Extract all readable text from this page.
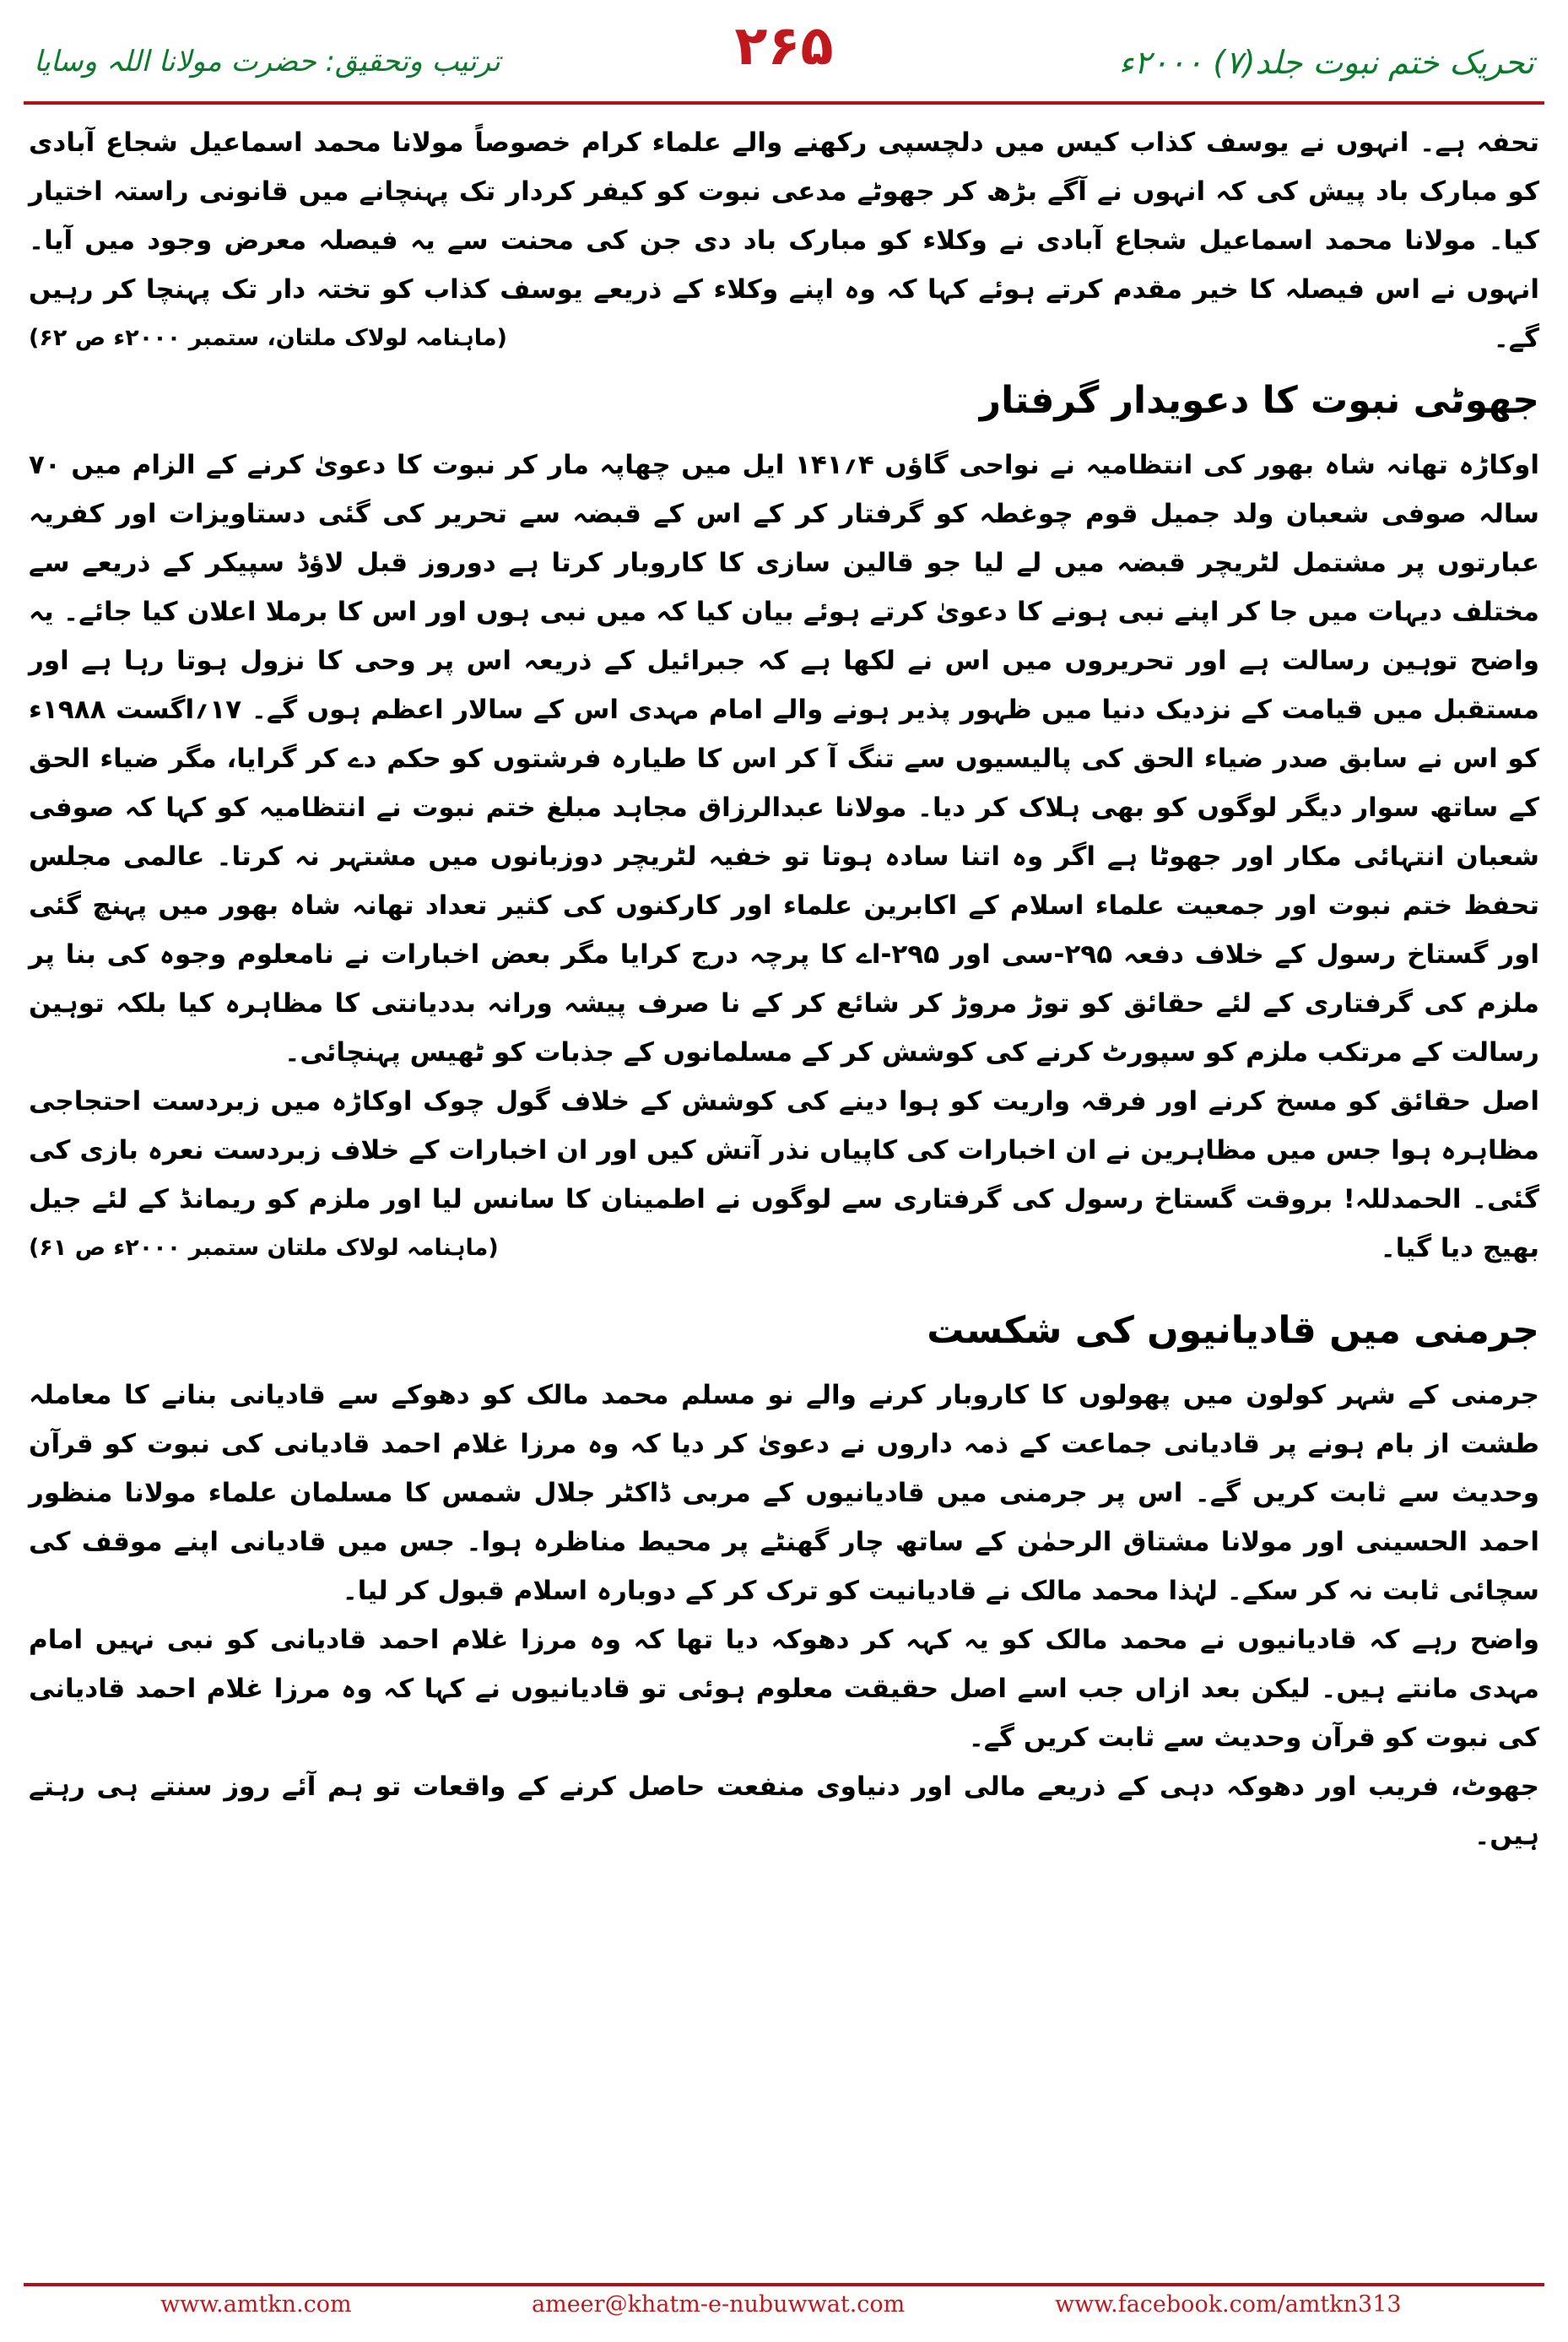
تحریک ختم نبوت جلد(۷) ۲۰۰۰ء
۲۶۵
ترتیب وتحقیق: حضرت مولانا اللہ وسایا

تحفہ ہے۔ انہوں نے یوسف کذاب کیس میں دلچسپی رکھنے والے علماء کرام خصوصاً مولانا محمد اسماعیل شجاع آبادی کو مبارک باد پیش کی کہ انہوں نے آگے بڑھ کر جھوٹے مدعی نبوت کو کیفر کردار تک پہنچانے میں قانونی راستہ اختیار کیا۔ مولانا محمد اسماعیل شجاع آبادی نے وکلاء کو مبارک باد دی جن کی محنت سے یہ فیصلہ معرض وجود میں آیا۔ انہوں نے اس فیصلہ کا خیر مقدم کرتے ہوئے کہا کہ وہ اپنے وکلاء کے ذریعے یوسف کذاب کو تختہ دار تک پہنچا کر رہیں گے۔
(ماہنامہ لولاک ملتان، ستمبر ۲۰۰۰ء ص ۶۲)

جھوٹی نبوت کا دعویدار گرفتار

اوکاڑہ تھانہ شاہ بھور کی انتظامیہ نے نواحی گاؤں ۴؍۱۴۱ ایل میں چھاپہ مار کر نبوت کا دعویٰ کرنے کے الزام میں ۷۰ سالہ صوفی شعبان ولد جمیل قوم چوغطہ کو گرفتار کر کے اس کے قبضہ سے تحریر کی گئی دستاویزات اور کفریہ عبارتوں پر مشتمل لٹریچر قبضہ میں لے لیا جو قالین سازی کا کاروبار کرتا ہے دوروز قبل لاؤڈ سپیکر کے ذریعے سے مختلف دیہات میں جا کر اپنے نبی ہونے کا دعویٰ کرتے ہوئے بیان کیا کہ میں نبی ہوں اور اس کا برملا اعلان کیا جائے۔ یہ واضح توہین رسالت ہے اور تحریروں میں اس نے لکھا ہے کہ جبرائیل کے ذریعہ اس پر وحی کا نزول ہوتا رہا ہے اور مستقبل میں قیامت کے نزدیک دنیا میں ظہور پذیر ہونے والے امام مہدی اس کے سالار اعظم ہوں گے۔ ۱۷؍اگست ۱۹۸۸ء کو اس نے سابق صدر ضیاء الحق کی پالیسیوں سے تنگ آ کر اس کا طیارہ فرشتوں کو حکم دے کر گرایا، مگر ضیاء الحق کے ساتھ سوار دیگر لوگوں کو بھی ہلاک کر دیا۔ مولانا عبدالرزاق مجاہد مبلغ ختم نبوت نے انتظامیہ کو کہا کہ صوفی شعبان انتہائی مکار اور جھوٹا ہے اگر وہ اتنا سادہ ہوتا تو خفیہ لٹریچر دوزبانوں میں مشتہر نہ کرتا۔ عالمی مجلس تحفظ ختم نبوت اور جمعیت علماء اسلام کے اکابرین علماء اور کارکنوں کی کثیر تعداد تھانہ شاہ بھور میں پہنچ گئی اور گستاخ رسول کے خلاف دفعہ ۲۹۵-سی اور ۲۹۵-اے کا پرچہ درج کرایا مگر بعض اخبارات نے نامعلوم وجوہ کی بنا پر ملزم کی گرفتاری کے لئے حقائق کو توڑ مروڑ کر شائع کر کے نا صرف پیشہ ورانہ بددیانتی کا مظاہرہ کیا بلکہ توہین رسالت کے مرتکب ملزم کو سپورٹ کرنے کی کوشش کر کے مسلمانوں کے جذبات کو ٹھیس پہنچائی۔

اصل حقائق کو مسخ کرنے اور فرقہ واریت کو ہوا دینے کی کوشش کے خلاف گول چوک اوکاڑہ میں زبردست احتجاجی مظاہرہ ہوا جس میں مظاہرین نے ان اخبارات کی کاپیاں نذر آتش کیں اور ان اخبارات کے خلاف زبردست نعرہ بازی کی گئی۔ الحمدللہ! بروقت گستاخ رسول کی گرفتاری سے لوگوں نے اطمینان کا سانس لیا اور ملزم کو ریمانڈ کے لئے جیل بھیج دیا گیا۔
(ماہنامہ لولاک ملتان ستمبر ۲۰۰۰ء ص ۶۱)

جرمنی میں قادیانیوں کی شکست

جرمنی کے شہر کولون میں پھولوں کا کاروبار کرنے والے نو مسلم محمد مالک کو دھوکے سے قادیانی بنانے کا معاملہ طشت از بام ہونے پر قادیانی جماعت کے ذمہ داروں نے دعویٰ کر دیا کہ وہ مرزا غلام احمد قادیانی کی نبوت کو قرآن وحدیث سے ثابت کریں گے۔ اس پر جرمنی میں قادیانیوں کے مربی ڈاکٹر جلال شمس کا مسلمان علماء مولانا منظور احمد الحسینی اور مولانا مشتاق الرحمٰن کے ساتھ چار گھنٹے پر محیط مناظرہ ہوا۔ جس میں قادیانی اپنے موقف کی سچائی ثابت نہ کر سکے۔ لہٰذا محمد مالک نے قادیانیت کو ترک کر کے دوبارہ اسلام قبول کر لیا۔

واضح رہے کہ قادیانیوں نے محمد مالک کو یہ کہہ کر دھوکہ دیا تھا کہ وہ مرزا غلام احمد قادیانی کو نبی نہیں امام مہدی مانتے ہیں۔ لیکن بعد ازاں جب اسے اصل حقیقت معلوم ہوئی تو قادیانیوں نے کہا کہ وہ مرزا غلام احمد قادیانی کی نبوت کو قرآن وحدیث سے ثابت کریں گے۔

جھوٹ، فریب اور دھوکہ دہی کے ذریعے مالی اور دنیاوی منفعت حاصل کرنے کے واقعات تو ہم آئے روز سنتے ہی رہتے ہیں۔

www.amtkn.com	ameer@khatm-e-nubuwwat.com	www.facebook.com/amtkn313
